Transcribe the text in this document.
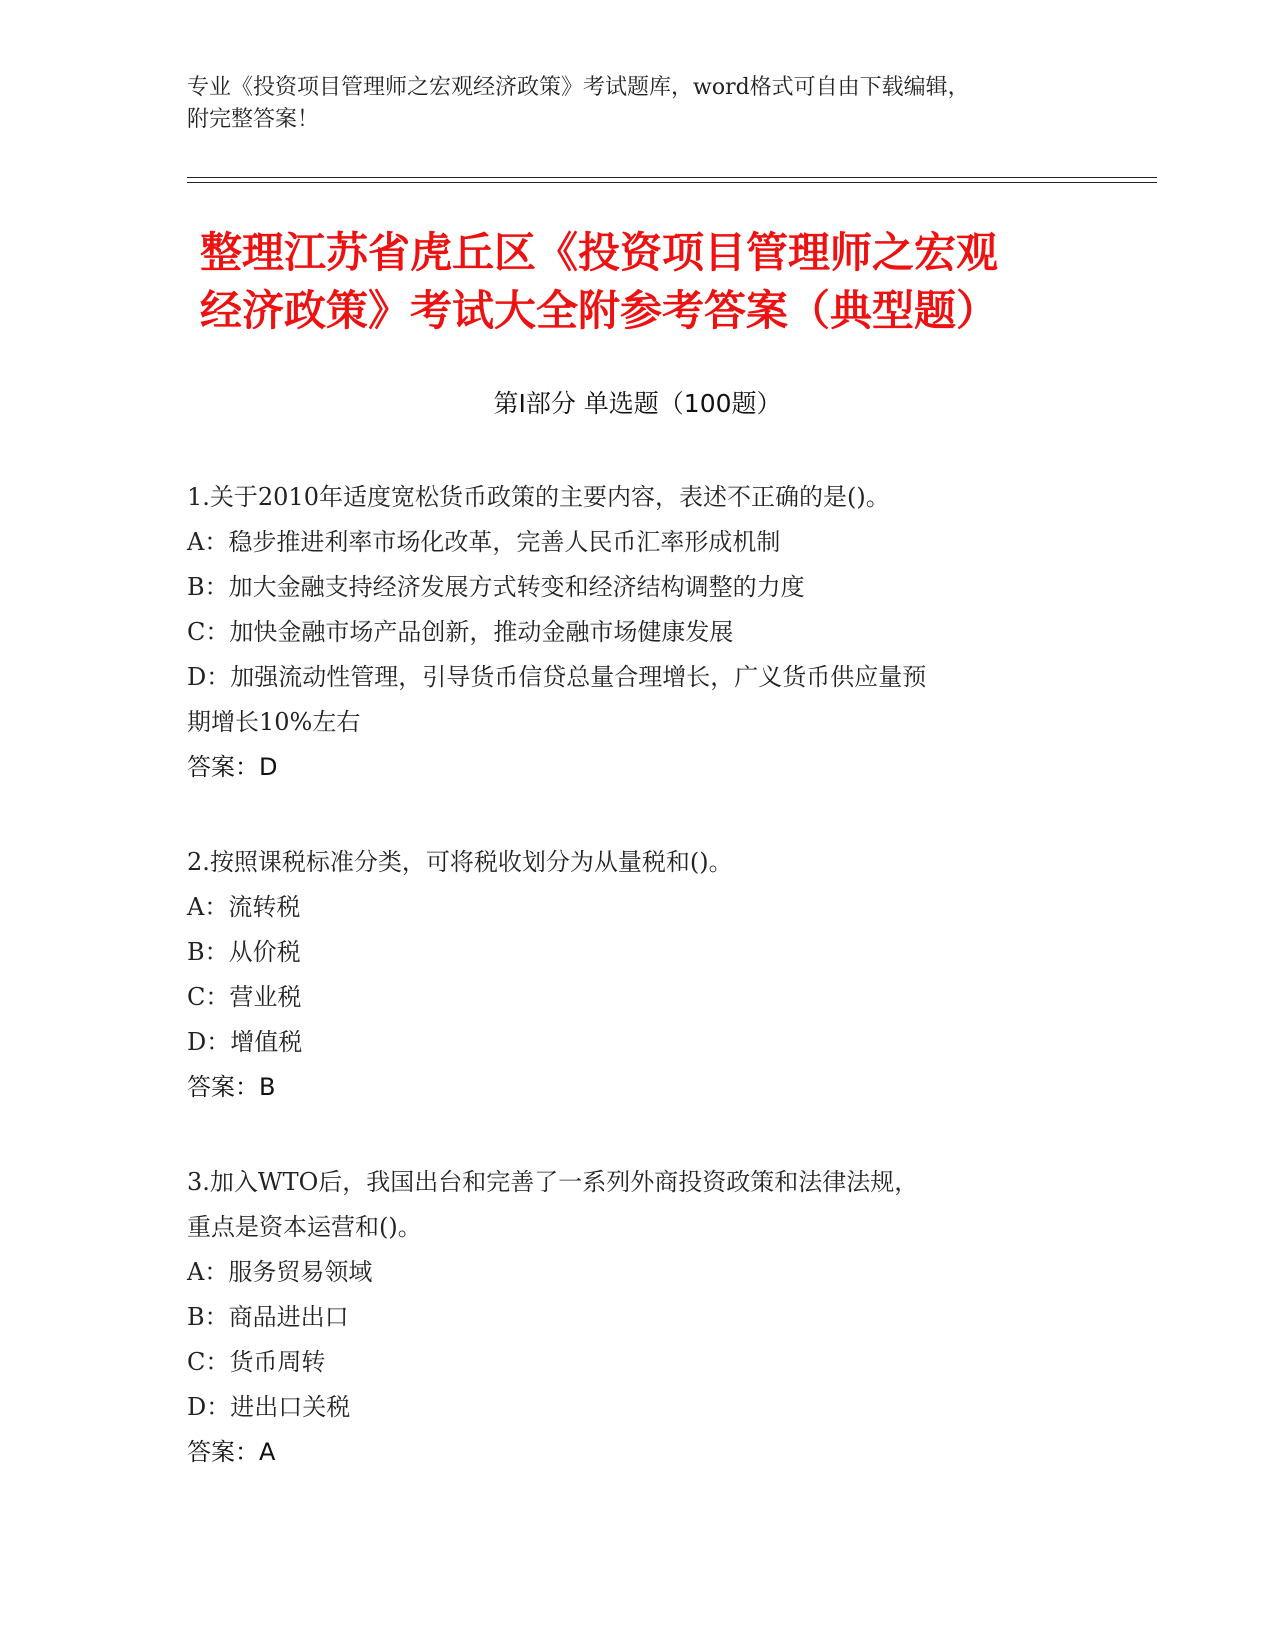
专业《投资项目管理师之宏观经济政策》考试题库，word格式可自由下载编辑，
附完整答案！
整理江苏省虎丘区《投资项目管理师之宏观
经济政策》考试大全附参考答案（典型题）
第Ⅰ部分 单选题（100题）
1.关于2010年适度宽松货币政策的主要内容，表述不正确的是()。
A：稳步推进利率市场化改革，完善人民币汇率形成机制
B：加大金融支持经济发展方式转变和经济结构调整的力度
C：加快金融市场产品创新，推动金融市场健康发展
D：加强流动性管理，引导货币信贷总量合理增长，广义货币供应量预
期增长10%左右
答案：D
2.按照课税标准分类，可将税收划分为从量税和()。
A：流转税
B：从价税
C：营业税
D：增值税
答案：B
3.加入WTO后，我国出台和完善了一系列外商投资政策和法律法规，
重点是资本运营和()。
A：服务贸易领域
B：商品进出口
C：货币周转
D：进出口关税
答案：A
